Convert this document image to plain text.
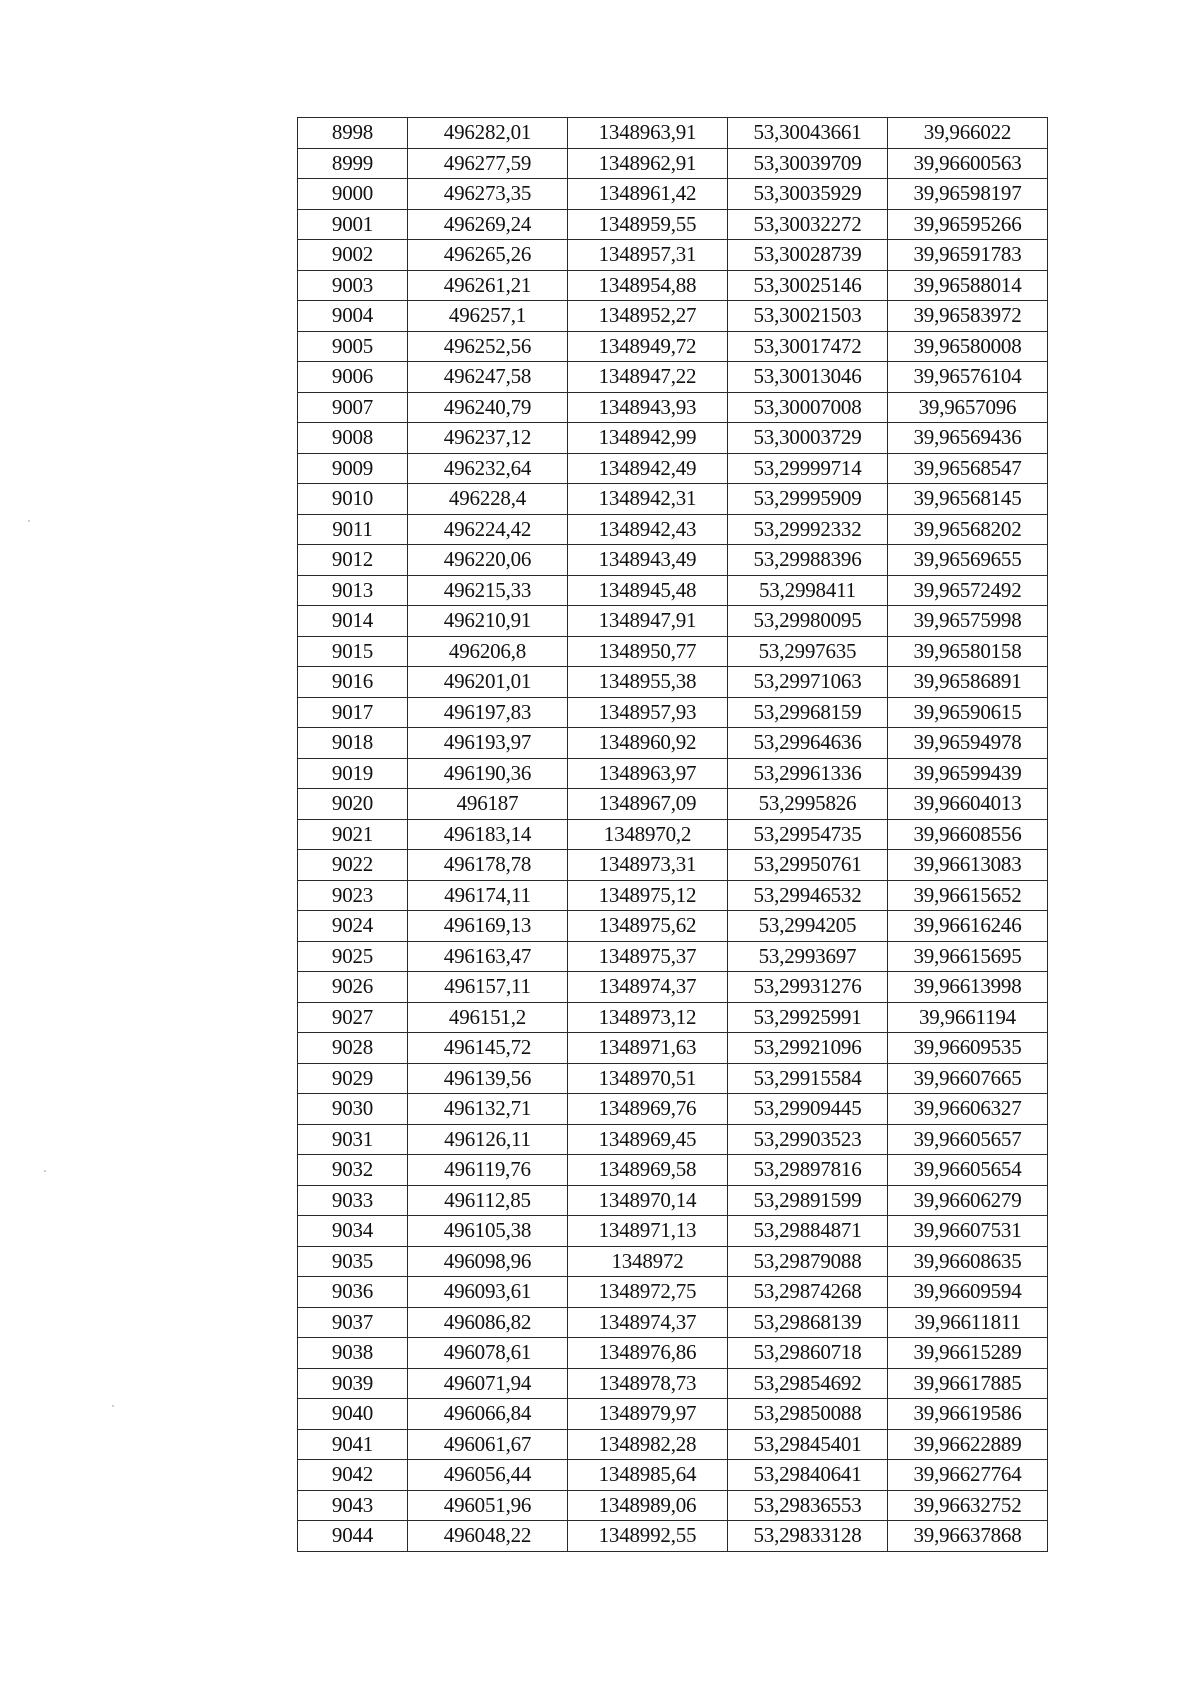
8998	496282,01	1348963,91	53,30043661	39,966022
8999	496277,59	1348962,91	53,30039709	39,96600563
9000	496273,35	1348961,42	53,30035929	39,96598197
9001	496269,24	1348959,55	53,30032272	39,96595266
9002	496265,26	1348957,31	53,30028739	39,96591783
9003	496261,21	1348954,88	53,30025146	39,96588014
9004	496257,1	1348952,27	53,30021503	39,96583972
9005	496252,56	1348949,72	53,30017472	39,96580008
9006	496247,58	1348947,22	53,30013046	39,96576104
9007	496240,79	1348943,93	53,30007008	39,9657096
9008	496237,12	1348942,99	53,30003729	39,96569436
9009	496232,64	1348942,49	53,29999714	39,96568547
9010	496228,4	1348942,31	53,29995909	39,96568145
9011	496224,42	1348942,43	53,29992332	39,96568202
9012	496220,06	1348943,49	53,29988396	39,96569655
9013	496215,33	1348945,48	53,2998411	39,96572492
9014	496210,91	1348947,91	53,29980095	39,96575998
9015	496206,8	1348950,77	53,2997635	39,96580158
9016	496201,01	1348955,38	53,29971063	39,96586891
9017	496197,83	1348957,93	53,29968159	39,96590615
9018	496193,97	1348960,92	53,29964636	39,96594978
9019	496190,36	1348963,97	53,29961336	39,96599439
9020	496187	1348967,09	53,2995826	39,96604013
9021	496183,14	1348970,2	53,29954735	39,96608556
9022	496178,78	1348973,31	53,29950761	39,96613083
9023	496174,11	1348975,12	53,29946532	39,96615652
9024	496169,13	1348975,62	53,2994205	39,96616246
9025	496163,47	1348975,37	53,2993697	39,96615695
9026	496157,11	1348974,37	53,29931276	39,96613998
9027	496151,2	1348973,12	53,29925991	39,9661194
9028	496145,72	1348971,63	53,29921096	39,96609535
9029	496139,56	1348970,51	53,29915584	39,96607665
9030	496132,71	1348969,76	53,29909445	39,96606327
9031	496126,11	1348969,45	53,29903523	39,96605657
9032	496119,76	1348969,58	53,29897816	39,96605654
9033	496112,85	1348970,14	53,29891599	39,96606279
9034	496105,38	1348971,13	53,29884871	39,96607531
9035	496098,96	1348972	53,29879088	39,96608635
9036	496093,61	1348972,75	53,29874268	39,96609594
9037	496086,82	1348974,37	53,29868139	39,96611811
9038	496078,61	1348976,86	53,29860718	39,96615289
9039	496071,94	1348978,73	53,29854692	39,96617885
9040	496066,84	1348979,97	53,29850088	39,96619586
9041	496061,67	1348982,28	53,29845401	39,96622889
9042	496056,44	1348985,64	53,29840641	39,96627764
9043	496051,96	1348989,06	53,29836553	39,96632752
9044	496048,22	1348992,55	53,29833128	39,96637868
